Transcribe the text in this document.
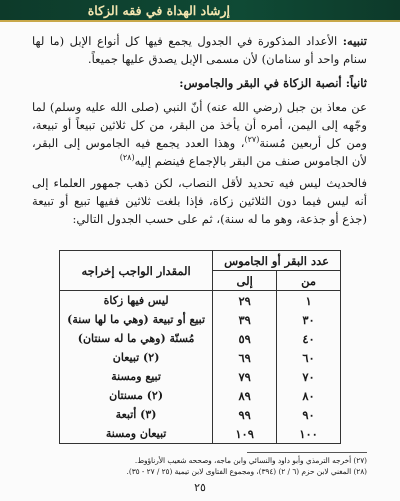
إرشاد الهداة في فقه الزكاة

تنبيه: الأعداد المذكورة في الجدول يجمع فيها كل أنواع الإبل (ما لها سنام واحد أو سنامان) لأن مسمى الإبل يصدق عليها جميعاً.

ثانياً: أنصبة الزكاة في البقر والجاموس:

عن معاذ بن جبل (رضي الله عنه) أنّ النبي (صلى الله عليه وسلم) لما وجّهه إلى اليمن، أمره أن يأخذ من البقر، من كل ثلاثين تبيعاً أو تبيعة، ومن كل أربعين مُسنة$^{(٢٧)}$، وهذا العدد يجمع فيه الجاموس إلى البقر، لأن الجاموس صنف من البقر بالإجماع فينضم إليه$^{(٢٨)}$

فالحديث ليس فيه تحديد لأقل النصاب، لكن ذهب جمهور العلماء إلى أنه ليس فيما دون الثلاثين زكاة، فإذا بلغت ثلاثين ففيها تبيع أو تبيعة (جذع أو جذعة، وهو ما له سنة)، ثم على حسب الجدول التالي:

عدد البقر أو الجاموس		المقدار الواجب إخراجه
من	إلى	
١	٢٩	ليس فيها زكاة
٣٠	٣٩	تبيع أو تبيعة (وهي ما لها سنة)
٤٠	٥٩	مُسنّة (وهي ما له سنتان)
٦٠	٦٩	(٢) تبيعان
٧٠	٧٩	تبيع ومسنة
٨٠	٨٩	(٢) مسنتان
٩٠	٩٩	(٣) أتبعة
١٠٠	١٠٩	تبيعان ومسنة
(٢٧) أخرجه الترمذي وأبو داود والنسائي وابن ماجه، وصححه شعيب الأرناؤوط.
(٢٨) المغني لابن حزم (٦ / ٢) (٣٩٤)، ومجموع الفتاوى لابن تيمية (٢٥ / ٢٧ - ٣٥).
٢٥
